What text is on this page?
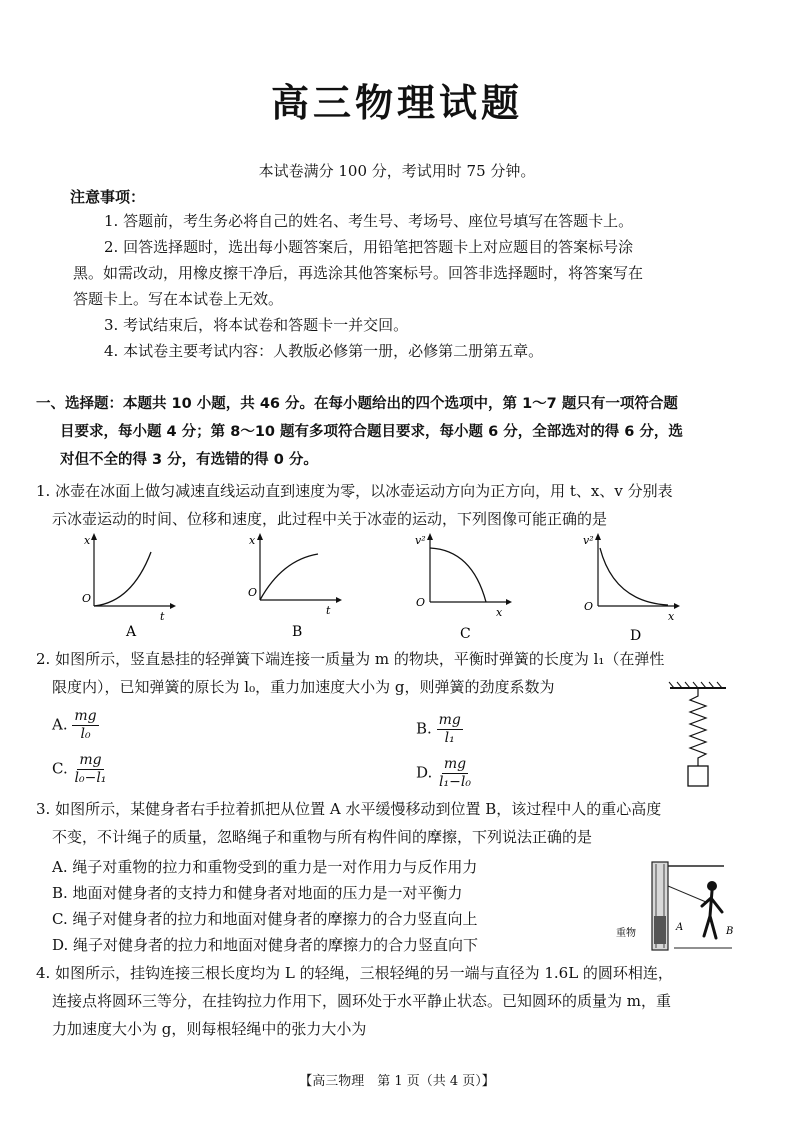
高三物理试题
本试卷满分 100 分，考试用时 75 分钟。
注意事项：
1. 答题前，考生务必将自己的姓名、考生号、考场号、座位号填写在答题卡上。
2. 回答选择题时，选出每小题答案后，用铅笔把答题卡上对应题目的答案标号涂
黑。如需改动，用橡皮擦干净后，再选涂其他答案标号。回答非选择题时，将答案写在
答题卡上。写在本试卷上无效。
3. 考试结束后，将本试卷和答题卡一并交回。
4. 本试卷主要考试内容：人教版必修第一册，必修第二册第五章。
一、选择题：本题共 10 小题，共 46 分。在每小题给出的四个选项中，第 1～7 题只有一项符合题
目要求，每小题 4 分；第 8～10 题有多项符合题目要求，每小题 6 分，全部选对的得 6 分，选
对但不全的得 3 分，有选错的得 0 分。
1. 冰壶在冰面上做匀减速直线运动直到速度为零，以冰壶运动方向为正方向，用 t、x、v 分别表
示冰壶运动的时间、位移和速度，此过程中关于冰壶的运动，下列图像可能正确的是
x
O
t
A
x
O
t
B
v²
O
x
C
v²
O
x
D
2. 如图所示，竖直悬挂的轻弹簧下端连接一质量为 m 的物块，平衡时弹簧的长度为 l₁（在弹性
限度内），已知弹簧的原长为 l₀，重力加速度大小为 g，则弹簧的劲度系数为
A. $\frac{mg}{\text{l₀}}$	B. $\frac{mg}{\text{l₁}}$
C. $\frac{mg}{\text{l₀−l₁}}$	D. $\frac{mg}{\text{l₁−l₀}}$
3. 如图所示，某健身者右手拉着抓把从位置 A 水平缓慢移动到位置 B，该过程中人的重心高度
不变，不计绳子的质量，忽略绳子和重物与所有构件间的摩擦，下列说法正确的是
A. 绳子对重物的拉力和重物受到的重力是一对作用力与反作用力
B. 地面对健身者的支持力和健身者对地面的压力是一对平衡力
C. 绳子对健身者的拉力和地面对健身者的摩擦力的合力竖直向上
D. 绳子对健身者的拉力和地面对健身者的摩擦力的合力竖直向下
重物
A	B
4. 如图所示，挂钩连接三根长度均为 L 的轻绳，三根轻绳的另一端与直径为 1.6L 的圆环相连，
连接点将圆环三等分，在挂钩拉力作用下，圆环处于水平静止状态。已知圆环的质量为 m，重
力加速度大小为 g，则每根轻绳中的张力大小为
【高三物理　第 1 页（共 4 页）】
